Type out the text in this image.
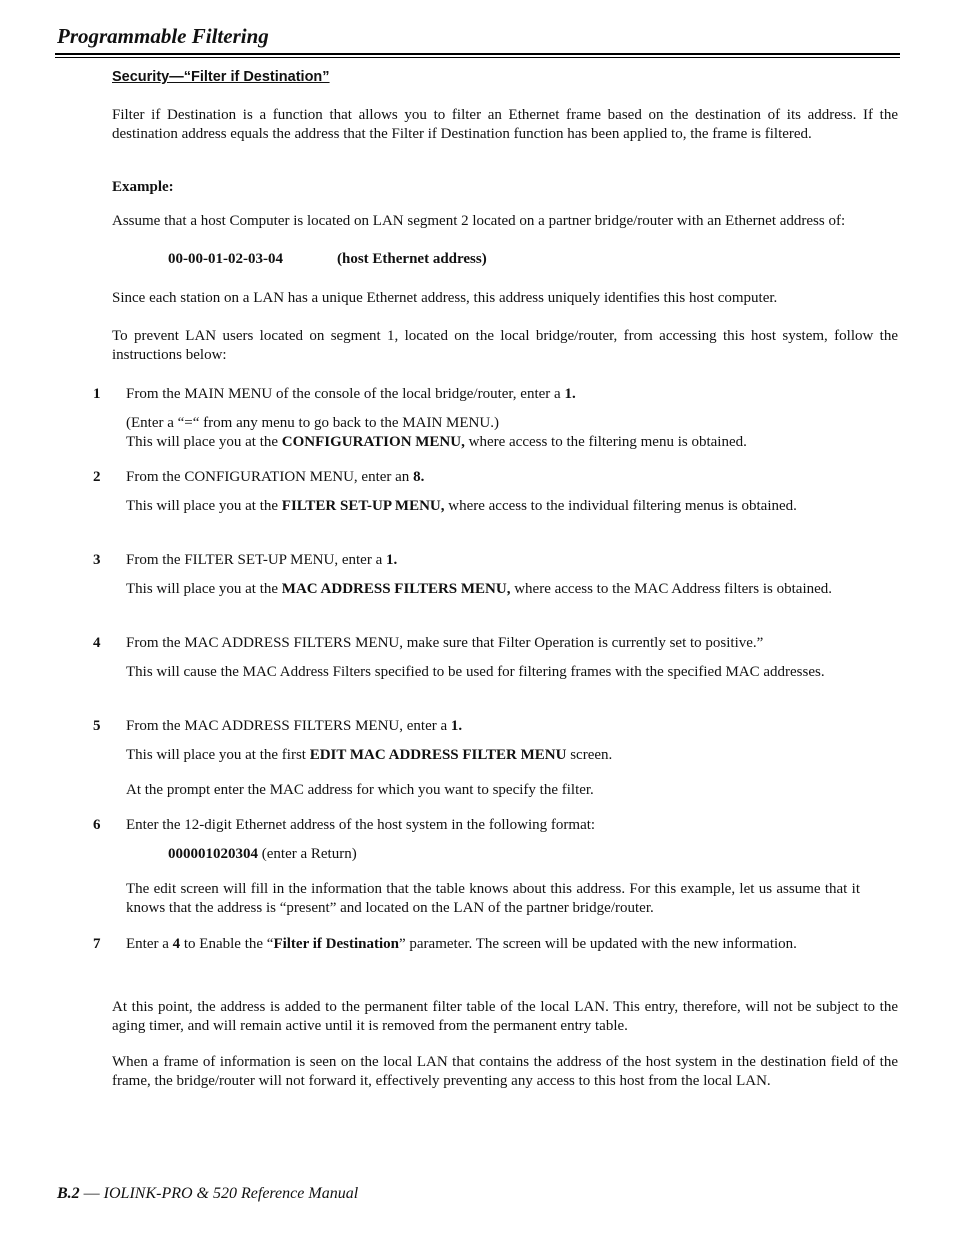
Programmable Filtering
Security—“Filter if Destination”
Filter if Destination is a function that allows you to filter an Ethernet frame based on the destination of its address. If the destination address equals the address that the Filter if Destination function has been applied to, the frame is filtered.
Example:
Assume that a host Computer is located on LAN segment 2 located on a partner bridge/router with an Ethernet address of:
00-00-01-02-03-04	(host Ethernet address)
Since each station on a LAN has a unique Ethernet address, this address uniquely identifies this host computer.
To prevent LAN users located on segment 1, located on the local bridge/router, from accessing this host system, follow the instructions below:
1 From the MAIN MENU of the console of the local bridge/router, enter a 1.
(Enter a “=“ from any menu to go back to the MAIN MENU.)
This will place you at the CONFIGURATION MENU, where access to the filtering menu is obtained.
2 From the CONFIGURATION MENU, enter an 8.
This will place you at the FILTER SET-UP MENU, where access to the individual filtering menus is obtained.
3 From the FILTER SET-UP MENU, enter a 1.
This will place you at the MAC ADDRESS FILTERS MENU, where access to the MAC Address filters is obtained.
4 From the MAC ADDRESS FILTERS MENU, make sure that Filter Operation is currently set to positive.”
This will cause the MAC Address Filters specified to be used for filtering frames with the specified MAC addresses.
5 From the MAC ADDRESS FILTERS MENU, enter a 1.
This will place you at the first EDIT MAC ADDRESS FILTER MENU screen.
At the prompt enter the MAC address for which you want to specify the filter.
6 Enter the 12-digit Ethernet address of the host system in the following format:
000001020304 (enter a Return)
The edit screen will fill in the information that the table knows about this address. For this example, let us assume that it knows that the address is “present” and located on the LAN of the partner bridge/router.
7 Enter a 4 to Enable the “Filter if Destination” parameter. The screen will be updated with the new information.
At this point, the address is added to the permanent filter table of the local LAN. This entry, therefore, will not be subject to the aging timer, and will remain active until it is removed from the permanent entry table.
When a frame of information is seen on the local LAN that contains the address of the host system in the destination field of the frame, the bridge/router will not forward it, effectively preventing any access to this host from the local LAN.
B.2 — IOLINK-PRO & 520 Reference Manual
